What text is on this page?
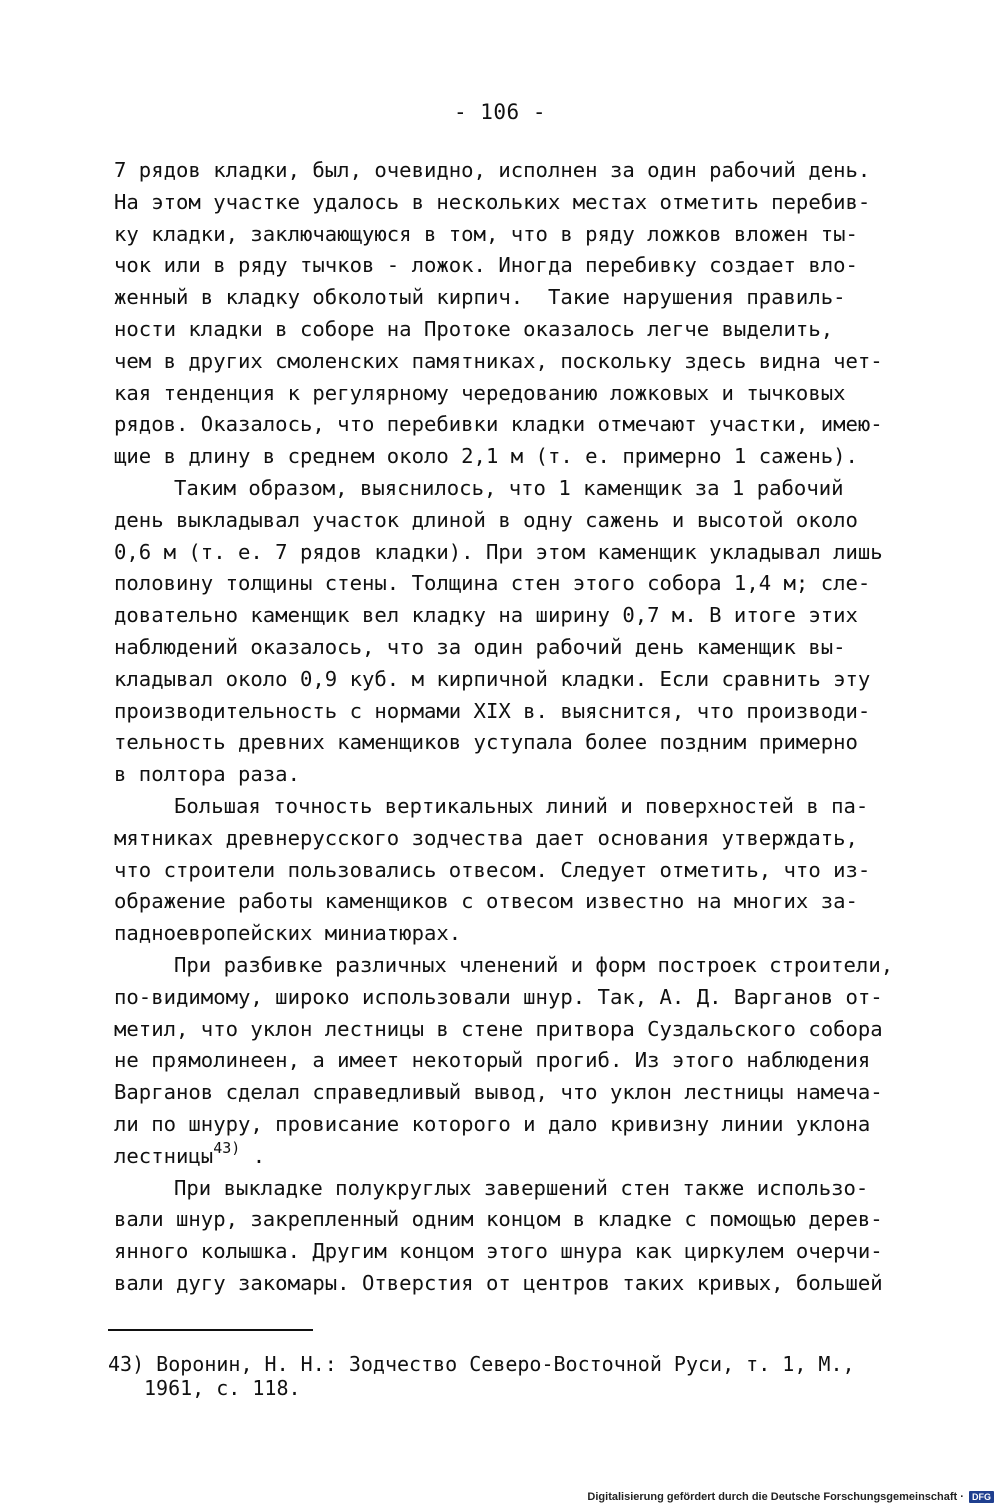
- 106 -
7 рядов кладки, был, очевидно, исполнен за один рабочий день.
На этом участке удалось в нескольких местах отметить перебив-
ку кладки, заключающуюся в том, что в ряду ложков вложен ты-
чок или в ряду тычков - ложок. Иногда перебивку создает вло-
женный в кладку обколотый кирпич.  Такие нарушения правиль-
ности кладки в соборе на Протоке оказалось легче выделить,
чем в других смоленских памятниках, поскольку здесь видна чет-
кая тенденция к регулярному чередованию ложковых и тычковых
рядов. Оказалось, что перебивки кладки отмечают участки, имею-
щие в длину в среднем около 2,1 м (т. е. примерно 1 сажень).
Таким образом, выяснилось, что 1 каменщик за 1 рабочий
день выкладывал участок длиной в одну сажень и высотой около
0,6 м (т. е. 7 рядов кладки). При этом каменщик укладывал лишь
половину толщины стены. Толщина стен этого собора 1,4 м; сле-
довательно каменщик вел кладку на ширину 0,7 м. В итоге этих
наблюдений оказалось, что за один рабочий день каменщик вы-
кладывал около 0,9 куб. м кирпичной кладки. Если сравнить эту
производительность с нормами XIX в. выяснится, что производи-
тельность древних каменщиков уступала более поздним примерно
в полтора раза.
Большая точность вертикальных линий и поверхностей в па-
мятниках древнерусского зодчества дает основания утверждать,
что строители пользовались отвесом. Следует отметить, что из-
ображение работы каменщиков с отвесом известно на многих за-
падноевропейских миниатюрах.
При разбивке различных членений и форм построек строители,
по-видимому, широко использовали шнур. Так, А. Д. Варганов от-
метил, что уклон лестницы в стене притвора Суздальского собора
не прямолинеен, а имеет некоторый прогиб. Из этого наблюдения
Варганов сделал справедливый вывод, что уклон лестницы намеча-
ли по шнуру, провисание которого и дало кривизну линии уклона
лестницы$^{43)}$ .
При выкладке полукруглых завершений стен также использо-
вали шнур, закрепленный одним концом в кладке с помощью дерев-
янного колышка. Другим концом этого шнура как циркулем очерчи-
вали дугу закомары. Отверстия от центров таких кривых, большей
43) Воронин, Н. Н.: Зодчество Северо-Восточной Руси, т. 1, М.,
1961, с. 118.
Digitalisierung gefördert durch die Deutsche Forschungsgemeinschaft · DFG
